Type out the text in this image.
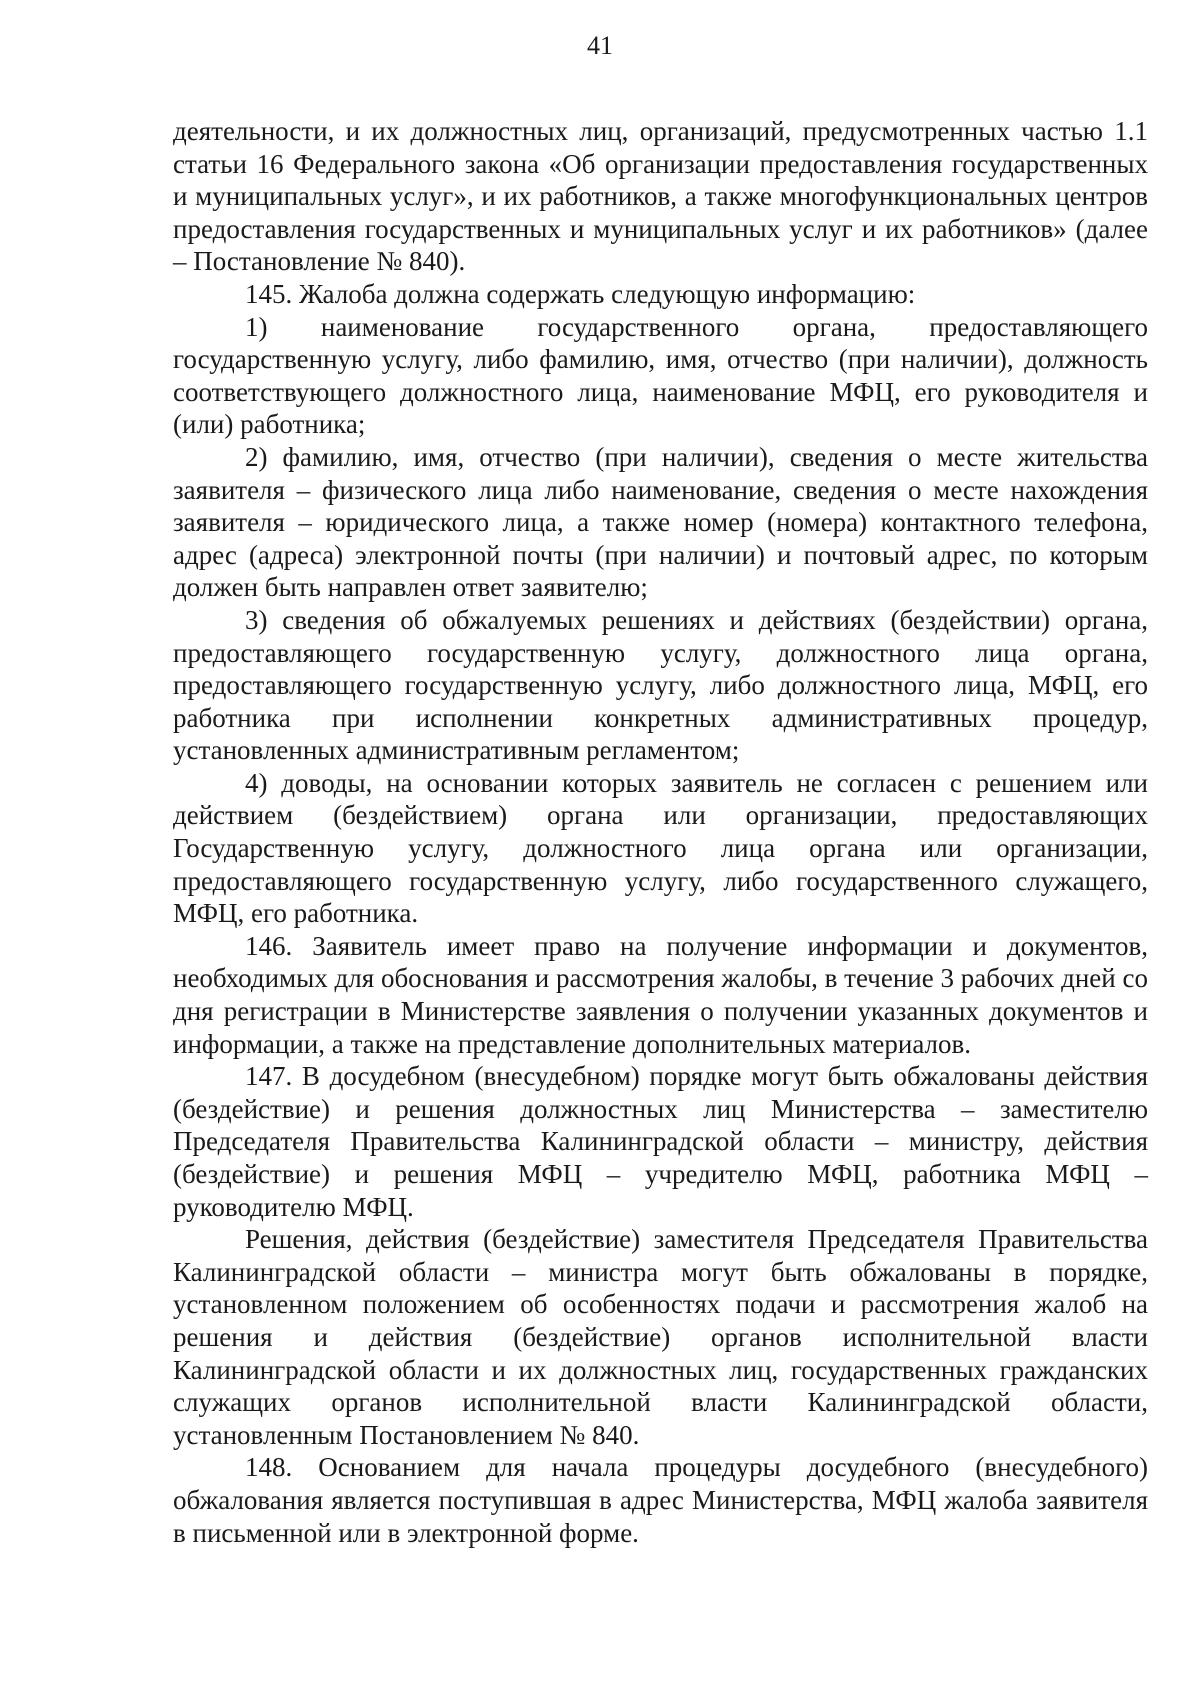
41

деятельности, и их должностных лиц, организаций, предусмотренных частью 1.1 статьи 16 Федерального закона «Об организации предоставления государственных и муниципальных услуг», и их работников, а также многофункциональных центров предоставления государственных и муниципальных услуг и их работников» (далее – Постановление № 840).

145. Жалоба должна содержать следующую информацию:

1) наименование государственного органа, предоставляющего государственную услугу, либо фамилию, имя, отчество (при наличии), должность соответствующего должностного лица, наименование МФЦ, его руководителя и (или) работника;

2) фамилию, имя, отчество (при наличии), сведения о месте жительства заявителя – физического лица либо наименование, сведения о месте нахождения заявителя – юридического лица, а также номер (номера) контактного телефона, адрес (адреса) электронной почты (при наличии) и почтовый адрес, по которым должен быть направлен ответ заявителю;

3) сведения об обжалуемых решениях и действиях (бездействии) органа, предоставляющего государственную услугу, должностного лица органа, предоставляющего государственную услугу, либо должностного лица, МФЦ, его работника при исполнении конкретных административных процедур, установленных административным регламентом;

4) доводы, на основании которых заявитель не согласен с решением или действием (бездействием) органа или организации, предоставляющих Государственную услугу, должностного лица органа или организации, предоставляющего государственную услугу, либо государственного служащего, МФЦ, его работника.

146. Заявитель имеет право на получение информации и документов, необходимых для обоснования и рассмотрения жалобы, в течение 3 рабочих дней со дня регистрации в Министерстве заявления о получении указанных документов и информации, а также на представление дополнительных материалов.

147. В досудебном (внесудебном) порядке могут быть обжалованы действия (бездействие) и решения должностных лиц Министерства – заместителю Председателя Правительства Калининградской области – министру, действия (бездействие) и решения МФЦ – учредителю МФЦ, работника МФЦ – руководителю МФЦ.

Решения, действия (бездействие) заместителя Председателя Правительства Калининградской области – министра могут быть обжалованы в порядке, установленном положением об особенностях подачи и рассмотрения жалоб на решения и действия (бездействие) органов исполнительной власти Калининградской области и их должностных лиц, государственных гражданских служащих органов исполнительной власти Калининградской области, установленным Постановлением № 840.

148. Основанием для начала процедуры досудебного (внесудебного) обжалования является поступившая в адрес Министерства, МФЦ жалоба заявителя в письменной или в электронной форме.
